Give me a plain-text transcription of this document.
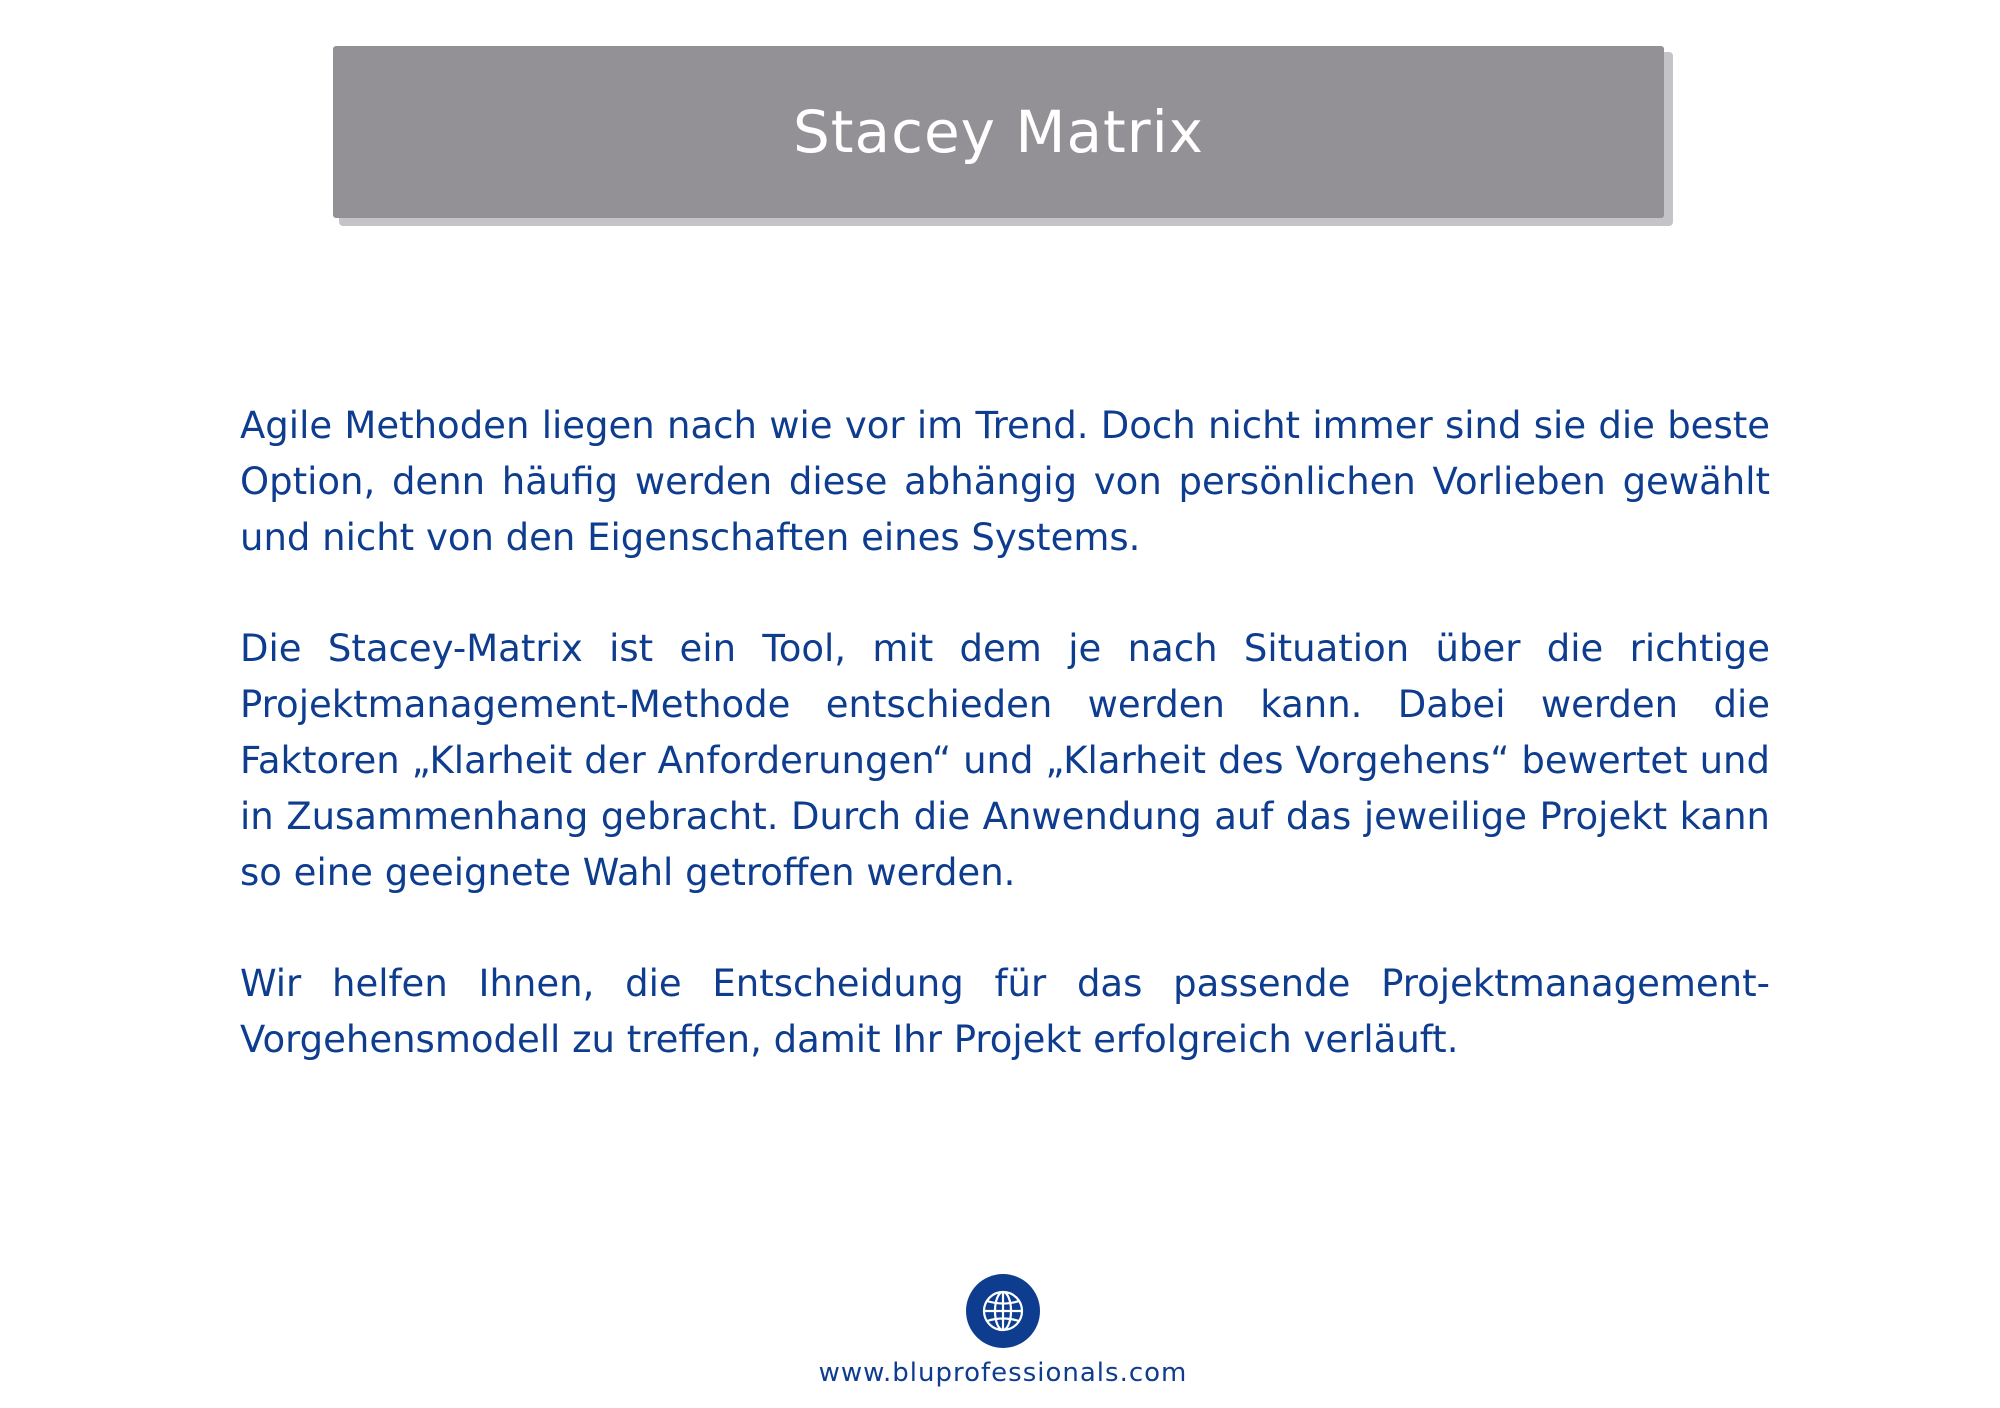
Stacey Matrix

Agile Methoden liegen nach wie vor im Trend. Doch nicht immer sind sie die beste Option, denn häufig werden diese abhängig von persönlichen Vorlieben gewählt und nicht von den Eigenschaften eines Systems.

Die Stacey-Matrix ist ein Tool, mit dem je nach Situation über die richtige Projektmanagement-Methode entschieden werden kann. Dabei werden die Faktoren „Klarheit der Anforderungen“ und „Klarheit des Vorgehens“ bewertet und in Zusammenhang gebracht. Durch die Anwendung auf das jeweilige Projekt kann so eine geeignete Wahl getroffen werden.

Wir helfen Ihnen, die Entscheidung für das passende Projektmanagement-Vorgehensmodell zu treffen, damit Ihr Projekt erfolgreich verläuft.

www.bluprofessionals.com
